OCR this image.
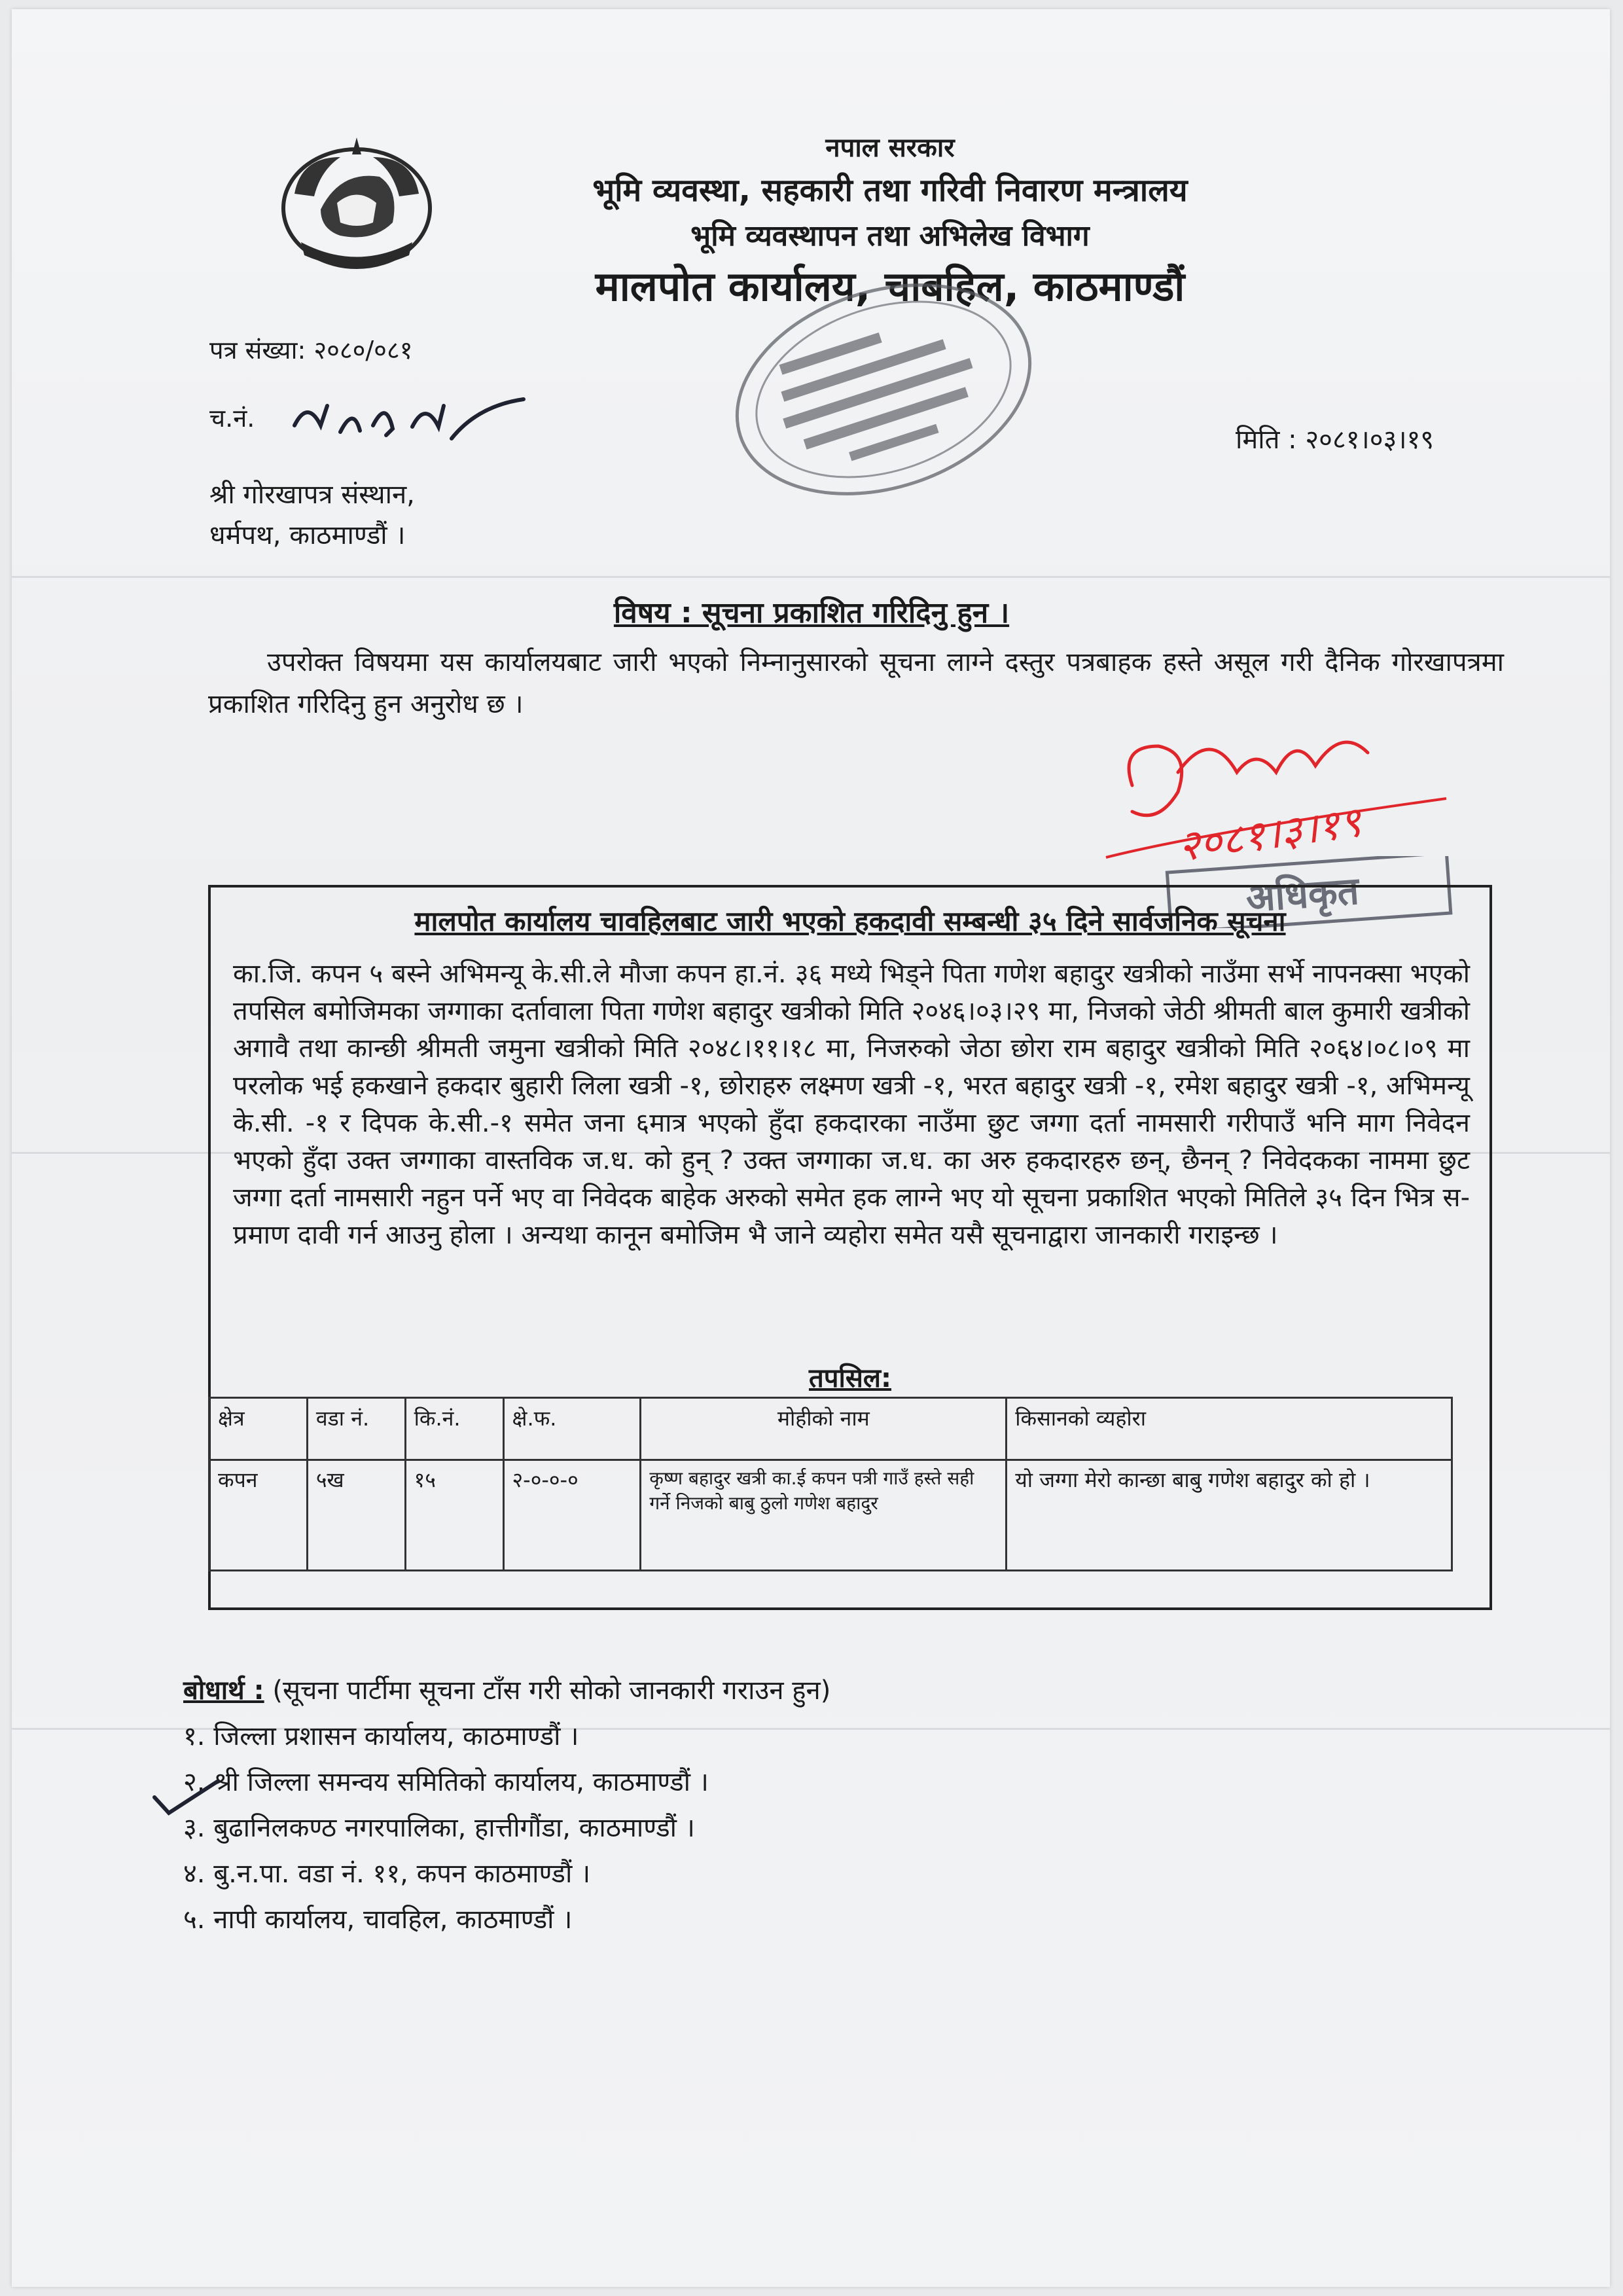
नपाल सरकार
भूमि व्यवस्था, सहकारी तथा गरिवी निवारण मन्त्रालय
भूमि व्यवस्थापन तथा अभिलेख विभाग
मालपोत कार्यालय, चाबहिल, काठमाण्डौं
पत्र संख्या: २०८०/०८१
च.नं.
मिति : २०८१।०३।१९
श्री गोरखापत्र संस्थान,
धर्मपथ, काठमाण्डौं ।
विषय : सूचना प्रकाशित गरिदिनु हुन ।
उपरोक्त विषयमा यस कार्यालयबाट जारी भएको निम्नानुसारको सूचना लाग्ने दस्तुर पत्रबाहक हस्ते असूल गरी दैनिक गोरखापत्रमा प्रकाशित गरिदिनु हुन अनुरोध छ ।
२०८१।३।१९
अधिकृत
मालपोत कार्यालय चावहिलबाट जारी भएको हकदावी सम्बन्धी ३५ दिने सार्वजनिक सूचना
का.जि. कपन ५ बस्ने अभिमन्यू के.सी.ले मौजा कपन हा.नं. ३६ मध्ये भिड्ने पिता गणेश बहादुर खत्रीको नाउँमा सर्भे नापनक्सा भएको तपसिल बमोजिमका जग्गाका दर्तावाला पिता गणेश बहादुर खत्रीको मिति २०४६।०३।२९ मा, निजको जेठी श्रीमती बाल कुमारी खत्रीको अगावै तथा कान्छी श्रीमती जमुना खत्रीको मिति २०४८।११।१८ मा, निजरुको जेठा छोरा राम बहादुर खत्रीको मिति २०६४।०८।०९ मा परलोक भई हकखाने हकदार बुहारी लिला खत्री -१, छोराहरु लक्ष्मण खत्री -१, भरत बहादुर खत्री -१, रमेश बहादुर खत्री -१, अभिमन्यू के.सी. -१ र दिपक के.सी.-१ समेत जना ६मात्र भएको हुँदा हकदारका नाउँमा छुट जग्गा दर्ता नामसारी गरीपाउँ भनि माग निवेदन भएको हुँदा उक्त जग्गाका वास्तविक ज.ध. को हुन् ? उक्त जग्गाका ज.ध. का अरु हकदारहरु छन्, छैनन् ? निवेदकका नाममा छुट जग्गा दर्ता नामसारी नहुन पर्ने भए वा निवेदक बाहेक अरुको समेत हक लाग्ने भए यो सूचना प्रकाशित भएको मितिले ३५ दिन भित्र स-प्रमाण दावी गर्न आउनु होला । अन्यथा कानून बमोजिम भै जाने व्यहोरा समेत यसै सूचनाद्वारा जानकारी गराइन्छ ।
तपसिल:
क्षेत्र	वडा नं.	कि.नं.	क्षे.फ.	मोहीको नाम	किसानको व्यहोरा
कपन	५ख	१५	२-०-०-०	कृष्ण बहादुर खत्री का.ई कपन पत्री गाउँ हस्ते सही गर्ने निजको बाबु ठुलो गणेश बहादुर	यो जग्गा मेरो कान्छा बाबु गणेश बहादुर को हो ।
बोधार्थ : (सूचना पार्टीमा सूचना टाँस गरी सोको जानकारी गराउन हुन)
१. जिल्ला प्रशासन कार्यालय, काठमाण्डौं ।
२. श्री जिल्ला समन्वय समितिको कार्यालय, काठमाण्डौं ।
३. बुढानिलकण्ठ नगरपालिका, हात्तीगौंडा, काठमाण्डौं ।
४. बु.न.पा. वडा नं. ११, कपन काठमाण्डौं ।
५. नापी कार्यालय, चावहिल, काठमाण्डौं ।
